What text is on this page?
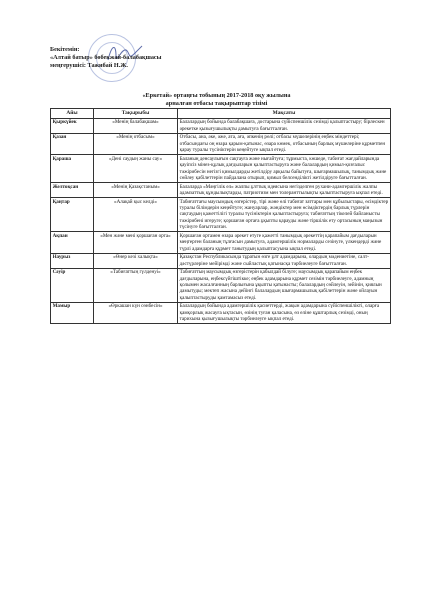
Бекітемін:
«Алтай батыр» бөбекжай-балабақшасы
меңгерушісі: Тажибай Н.Ж.
«Еркетай» ортаңғы тобының 2017-2018 оқу жылына
арналған отбасы тақырыптар тізімі
Айы	Тақырыбы	Мақсаты
Қыркүйек	«Менің балабақшам»	Балалардың бойында балабақшаға, достарына сүйіспеншілік сезімді қалыптастыру; бірлескен әрекетке қызығушылықты дамытуға бағытталған.
Қазан	«Менің отбасым»	Отбасы, ана, әке, әже, ата, аға, әпкенің рөлі; отбасы мүшелерінің еңбек міндеттері; отбасындағы оң өзара қарым-қатынас, өзара көмек, отбасының барлық мүшелеріне құрметпен қарау туралы түсініктерін кеңейтуге ықпал етеді.
Қараша	«Дені саудың жаны сау»	Баланың денсаулығын сақтауға және нығайтуға; тұрмыста, көшеде, табиғат жағдайларында қауіпсіз мінез-құлық дағдыларын қалыптастыруға және балалардың қимыл-қозғалыс тәжірибесін негізгі қимылдарды жетілдіру арқылы байытуға, шығармашылық, танымдық және сөйлеу қабілеттерін пайдалана отырып, қимыл белсенділікті жетілдіруге бағытталған.
Желтоқсан	«Менің Қазақстаным»	Балаларда «Мәңгілік ел» жалпы ұлттық идеясына негізделген рухани-адамгершілік жалпы адамзаттық құндылықтарды, патриотизм мен толеранттылықты қалыптастыруға ықпал етеді.
Қаңтар	«Алақай қыс келді»	Табиғаттағы маусымдық өзгерістер, тірі және өлі табиғат заттары мен құбылыстары, өсімдіктер туралы білімдерін кеңейтуге; жануарлар, жәндіктер мен өсімдіктердің барлық түрлерін сақтаудың қажеттілігі туралы түсініктерін қалыптастыруға; табиғаттың тікелей байланысты тәжірибені игеруге; қоршаған ортаға ұқыпты қарауды және тіршілік ету ортасының маңызын түсінуге бағытталған.
Ақпан	«Мен және мені қоршаған орта»	Қоршаған ортамен өзара әрекет етуге қажетті танымдық әрекеттің қарапайым дағдыларын меңгерген баланың тұлғасын дамытуға, адамгершілік нормаларды сезінуге, үлкендерді және түрлі адамдарға құрмет танытудың қалыптасуына ықпал етеді.
Наурыз	«Өнер кезі халықта»	Қазақстан Республикасында тұратын өзге ұлт адамдарына, олардың мәдениетіне, салт-дәстүрлеріне мейірімді және сыйластық қатынасқа тәрбиелеуге бағытталған.
Сәуір	«Табиғаттың гүлденуі»	Табиғаттың маусымдық өзгерістерін қабылдай білуге; маусымдық қарапайым еңбек дағдыларына, еңбексүйгіштікке; еңбек адамдарына құрмет сезімін тәрбиелеуге, адамның қолымен жасалғанның барлығына ұқыпты қатынасты; балалардың сөйлеуін, зейінін, қиялын дамытуды; мектеп жасына дейінгі балалардың шығармашылық қабілеттерін және ойлауын қалыптастыруды қамтамасыз етеді.
Мамыр	«Өркашан күн сөнбесін»	Балалардың бойында адамгершілік қасиеттерді, жақын адамдарына сүйіспеншілікті, оларға қамқорлық жасауға ықтасын, өзінің туған қаласына, өз еліне құштарлық сезімді, оның тарихына қызығушылықты тәрбиелеуге ықпал етеді.
